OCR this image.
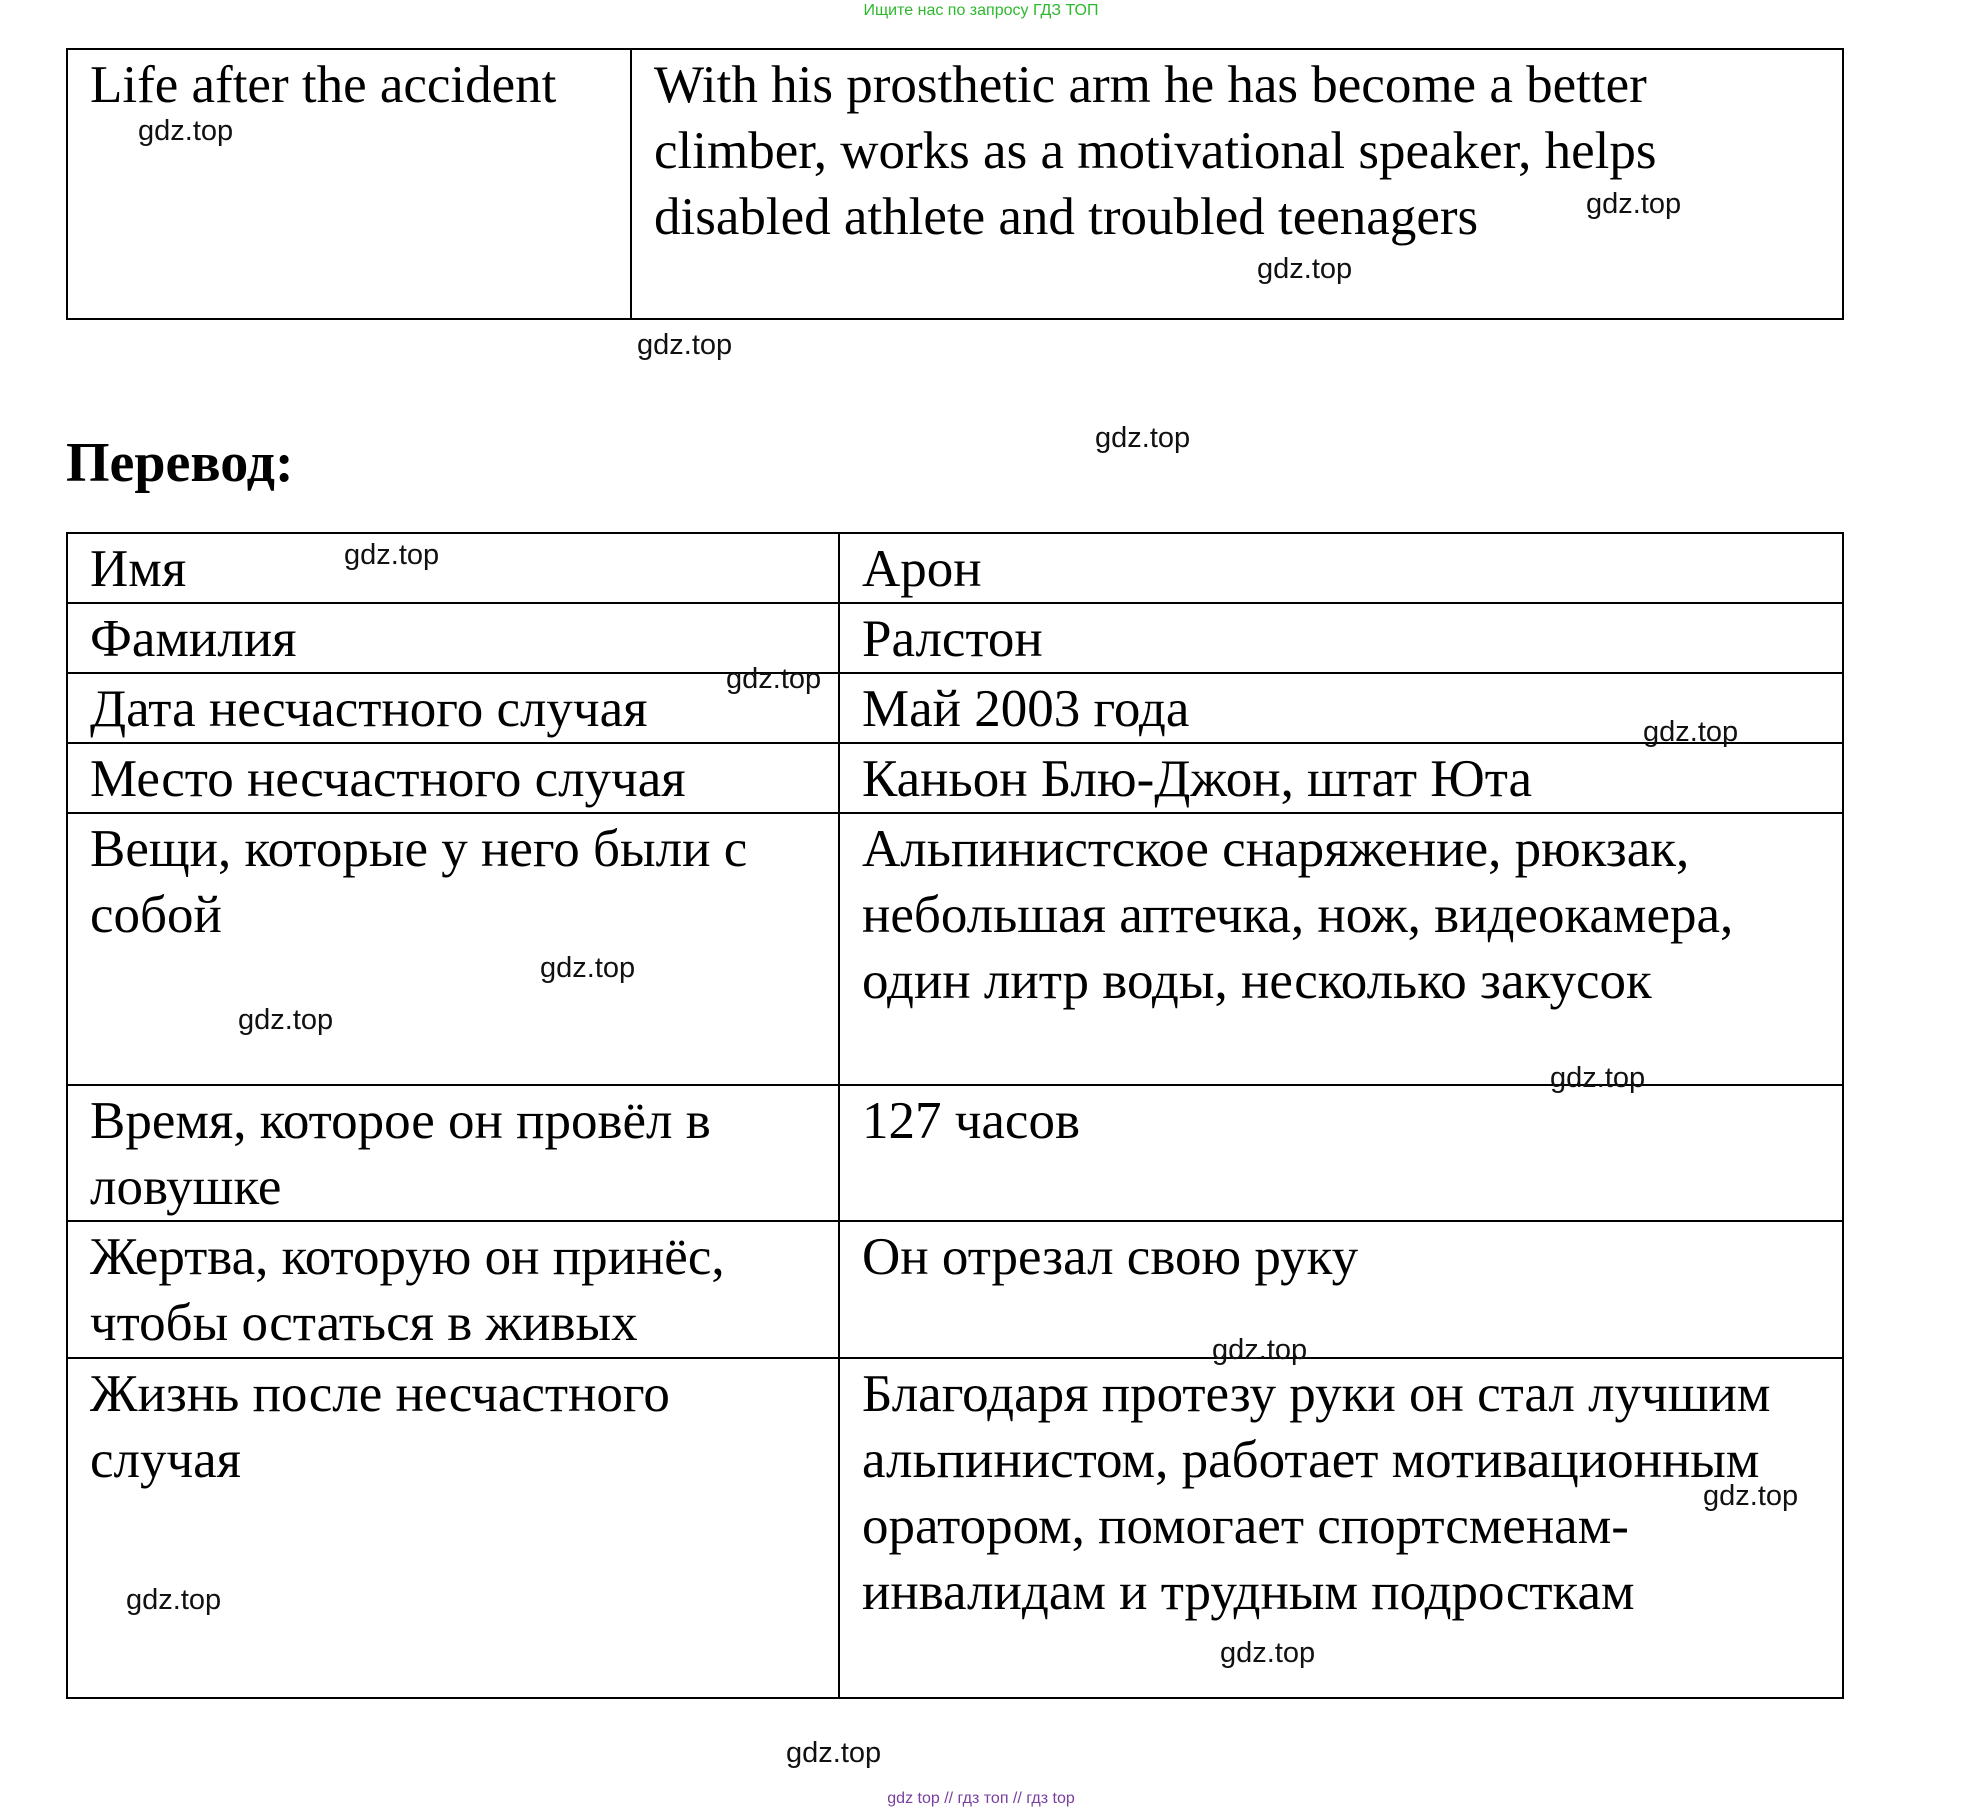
Ищите нас по запросу ГДЗ ТОП
Life after the accident	With his prosthetic arm he has become a better climber, works as a motivational speaker, helps disabled athlete and troubled teenagers
Перевод:
Имя	Арон
Фамилия	Ралстон
Дата несчастного случая	Май 2003 года
Место несчастного случая	Каньон Блю-Джон, штат Юта
Вещи, которые у него были с собой	Альпинистское снаряжение, рюкзак, небольшая аптечка, нож, видеокамера, один литр воды, несколько закусок
Время, которое он провёл в ловушке	127 часов
Жертва, которую он принёс, чтобы остаться в живых	Он отрезал свою руку
Жизнь после несчастного случая	Благодаря протезу руки он стал лучшим альпинистом, работает мотивационным оратором, помогает спортсменам-инвалидам и трудным подросткам
gdz.top
gdz.top
gdz.top
gdz.top
gdz.top
gdz.top
gdz.top
gdz.top
gdz.top
gdz.top
gdz.top
gdz.top
gdz.top
gdz.top
gdz.top
gdz.top
gdz top // гдз топ // гдз top
